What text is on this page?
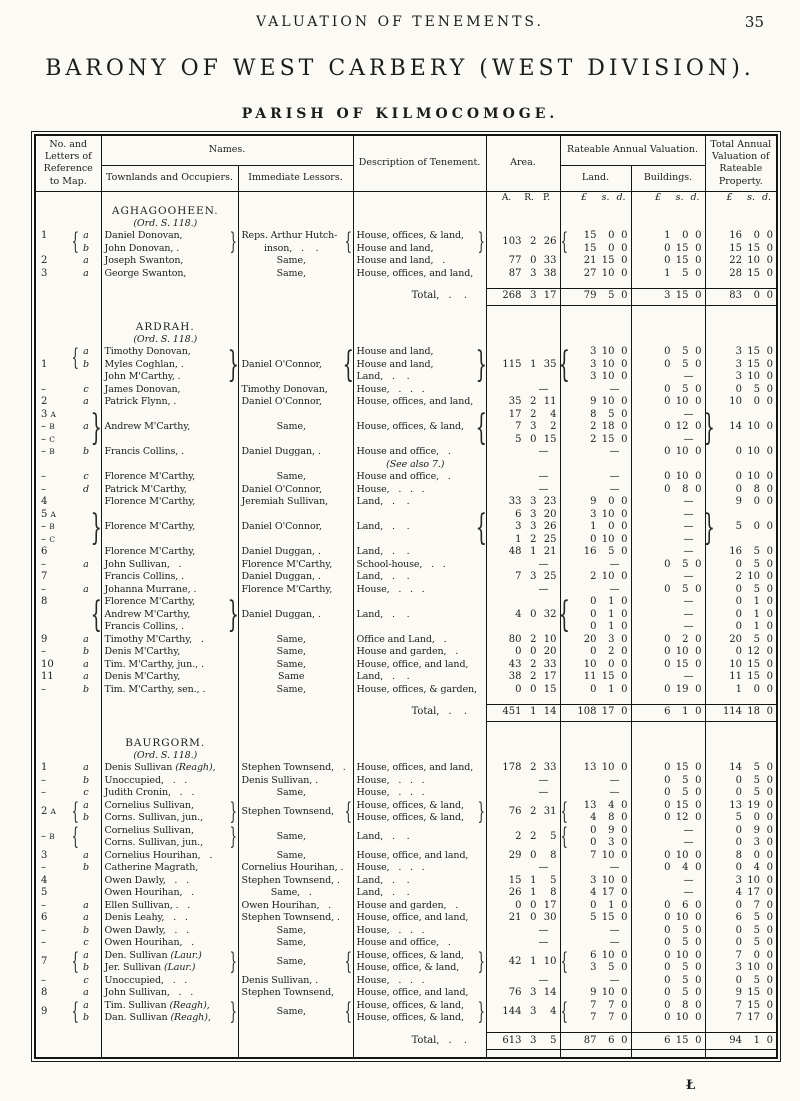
VALUATION OF TENEMENTS.	35
BARONY OF WEST CARBERY (WEST DIVISION).
PARISH OF KILMOCOMOGE.
No. and Letters of Reference to Map.				Names.				Description of Tenement.		Area.	Rateable Annual Valuation.			Total Annual Valuation of Rateable Property.	
				Townlands and Occupiers.		Immediate Lessors.					Land.		Buildings.		

										A. R. P.		£ s. d.	£ s. d.		£ s. d.

				AGHAGOOHEEN.											
				(Ord. S. 118.)											
1	{	a		Daniel Donovan,	}	Reps. Arthur Hutch-	{	House, offices, & land,	}	103 2 26	{	15 0 0	1 0 0		16 0 0

		b		John Donovan, .		inson,   .    .		House and land,				15 0 0	0 15 0		15 15 0

2		a		Joseph Swanton,		Same,		House and land,   .		77 0 33		21 15 0	0 15 0		22 10 0

3		a		George Swanton,		Same,		House, offices, and land,		87 3 38		27 10 0	1 5 0		28 15 0

								Total,   .    .		268 3 17		79 5 0	3 15 0		83 0 0

				ARDRAH.											
				(Ord. S. 118.)											
1	{	a		Timothy Donovan,	}	Daniel O'Connor,	{	House and land,	}	115 1 35	{	3 10 0	0 5 0		3 15 0

		b		Myles Coghlan, .				House and land,				3 10 0	0 5 0		3 15 0

				John M'Carthy, .				Land,   .    .				3 10 0	—		3 10 0

–		c		James Donovan,		Timothy Donovan,		House,   .   .   .		—		—	0 5 0		0 5 0

2		a		Patrick Flynn, .		Daniel O'Connor,		House, offices, and land,		35 2 11		9 10 0	0 10 0		10 0 0

3 A		a	}	Andrew M'Carthy,		Same,		House, offices, & land,	{	17 2 4		8 5 0	—	}	14 10 0

– B										7 3 2		2 18 0	0 12 0		

– C										5 0 15		2 15 0	—		

– B		b		Francis Collins, .		Daniel Duggan, .		House and office,   .		—		—	0 10 0		0 10 0

								(See also 7.)							
–		c		Florence M'Carthy,		Same,		House and office,   .		—		—	0 10 0		0 10 0

–		d		Patrick M'Carthy,		Daniel O'Connor,		House,   .   .   .		—		—	0 8 0		0 8 0

4				Florence M'Carthy,		Jeremiah Sullivan,		Land,   .    .		33 3 23		9 0 0	—		9 0 0

5 A			}	Florence M'Carthy,		Daniel O'Connor,		Land,   .    .	{	6 3 20		3 10 0	—	}	5 0 0

– B										3 3 26		1 0 0	—		

– C										1 2 25		0 10 0	—		

6				Florence M'Carthy,		Daniel Duggan, .		Land,   .    .		48 1 21		16 5 0	—		16 5 0

–		a		John Sullivan,   .		Florence M'Carthy,		School-house,   .   .		—		—	0 5 0		0 5 0

7				Francis Collins, .		Daniel Duggan, .		Land,   .    .		7 3 25		2 10 0	—		2 10 0

–		a		Johanna Murrane, .		Florence M'Carthy,		House,   .   .   .		—		—	0 5 0		0 5 0

8			{	Florence M'Carthy,	}	Daniel Duggan, .		Land,   .    .		4 0 32	{	0 1 0	—		0 1 0

				Andrew M'Carthy,								0 1 0	—		0 1 0

				Francis Collins, .								0 1 0	—		0 1 0

9		a		Timothy M'Carthy,   .		Same,		Office and Land,   .		80 2 10		20 3 0	0 2 0		20 5 0

–		b		Denis M'Carthy,		Same,		House and garden,   .		0 0 20		0 2 0	0 10 0		0 12 0

10		a		Tim. M'Carthy, jun., .		Same,		House, office, and land,		43 2 33		10 0 0	0 15 0		10 15 0

11		a		Denis M'Carthy,		Same		Land,   .    .		38 2 17		11 15 0	—		11 15 0

–		b		Tim. M'Carthy, sen., .		Same,		House, offices, & garden,		0 0 15		0 1 0	0 19 0		1 0 0

								Total,   .    .		451 1 14		108 17 0	6 1 0		114 18 0

				BAURGORM.											
				(Ord. S. 118.)											
1		a		Denis Sullivan (Reagh),		Stephen Townsend,   .		House, offices, and land,		178 2 33		13 10 0	0 15 0		14 5 0

–		b		Unoccupied,   .   .		Denis Sullivan, .		House,   .   .   .		—		—	0 5 0		0 5 0

–		c		Judith Cronin,   .   .		Same,		House,   .   .   .		—		—	0 5 0		0 5 0

2 A	{	a		Cornelius Sullivan,	}	Stephen Townsend,	{	House, offices, & land,	}	76 2 31	{	13 4 0	0 15 0		13 19 0

		b		Corns. Sullivan, jun.,				House, offices, & land,				4 8 0	0 12 0		5 0 0

– B	{			Cornelius Sullivan,	}	Same,		Land,   .    .		2 2 5	{	0 9 0	—		0 9 0

				Corns. Sullivan, jun.,								0 3 0	—		0 3 0

3		a		Cornelius Hourihan,   .		Same,		House, office, and land,		29 0 8		7 10 0	0 10 0		8 0 0

–		b		Catherine Magrath,		Cornelius Hourihan, .		House,   .   .   .		—		—	0 4 0		0 4 0

4				Owen Dawly,   .   .		Stephen Townsend, .		Land,   .    .		15 1 5		3 10 0	—		3 10 0

5				Owen Hourihan,   .		Same,   .		Land,   .    .		26 1 8		4 17 0	—		4 17 0

–		a		Ellen Sullivan, .   .		Owen Hourihan,   .		House and garden,   .		0 0 17		0 1 0	0 6 0		0 7 0

6		a		Denis Leahy,   .   .		Stephen Townsend, .		House, office, and land,		21 0 30		5 15 0	0 10 0		6 5 0

–		b		Owen Dawly,   .   .		Same,		House,   .   .   .		—		—	0 5 0		0 5 0

–		c		Owen Hourihan,   .		Same,		House and office,   .		—		—	0 5 0		0 5 0

7	{	a		Den. Sullivan (Laur.)	}	Same,	{	House, offices, & land,	}	42 1 10	{	6 10 0	0 10 0		7 0 0

		b		Jer. Sullivan (Laur.)				House, office, & land,				3 5 0	0 5 0		3 10 0

–		c		Unoccupied,   .   .		Denis Sullivan, .		House,   .   .   .		—		—	0 5 0		0 5 0

8		a		John Sullivan,   .   .		Stephen Townsend,		House, office, and land,		76 3 14		9 10 0	0 5 0		9 15 0

9	{	a		Tim. Sullivan (Reagh),	}	Same,	{	House, offices, & land,	}	144 3 4	{	7 7 0	0 8 0		7 15 0

		b		Dan. Sullivan (Reagh),				House, offices, & land,				7 7 0	0 10 0		7 17 0

								Total,   .    .		613 3 5		87 6 0	6 15 0		94 1 0

Ł
